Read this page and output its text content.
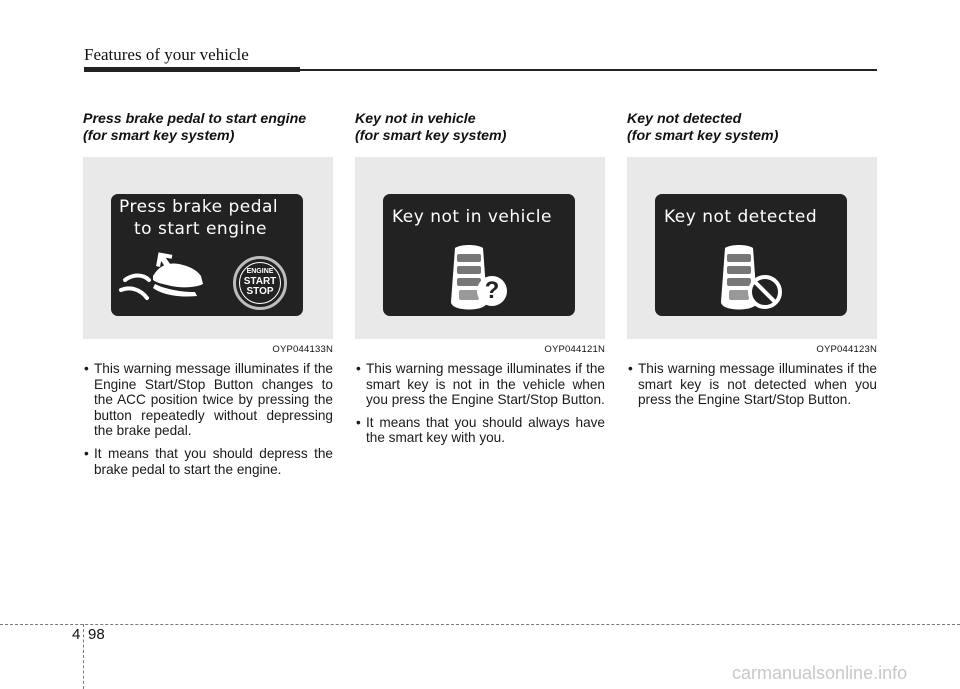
Features of your vehicle
Press brake pedal to start engine
(for smart key system)
Press brake pedal
to start engine
ENGINE
START
STOP
OYP044133N
• This warning message illuminates if the Engine Start/Stop Button changes to the ACC position twice by pressing the button repeatedly without depressing the brake pedal.
• It means that you should depress the brake pedal to start the engine.
Key not in vehicle
(for smart key system)
Key not in vehicle
?
OYP044121N
• This warning message illuminates if the smart key is not in the vehicle when you press the Engine Start/Stop Button.
• It means that you should always have the smart key with you.
Key not detected
(for smart key system)
Key not detected
OYP044123N
• This warning message illuminates if the smart key is not detected when you press the Engine Start/Stop Button.
4 98
carmanualsonline.info
